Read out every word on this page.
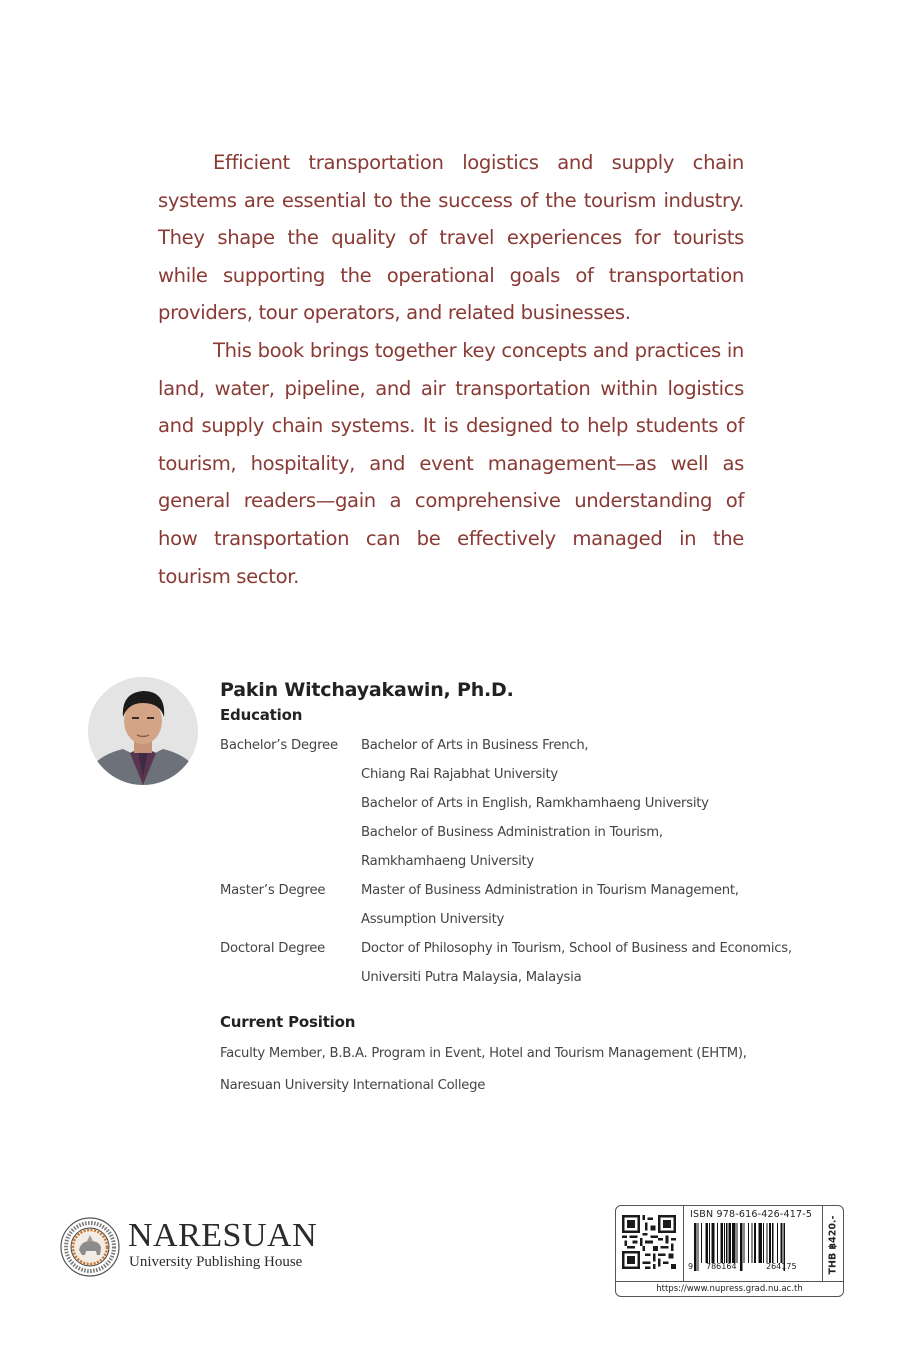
Efficient transportation logistics and supply chain systems are essential to the success of the tourism industry. They shape the quality of travel experiences for tourists while supporting the operational goals of transportation providers, tour operators, and related businesses.

This book brings together key concepts and practices in land, water, pipeline, and air transportation within logistics and supply chain systems. It is designed to help students of tourism, hospitality, and event management—as well as general readers—gain a comprehensive understanding of how transportation can be effectively managed in the tourism sector.

Pakin Witchayakawin, Ph.D.
Education
Bachelor’s Degree	Bachelor of Arts in Business French,
Chiang Rai Rajabhat University
Bachelor of Arts in English, Ramkhamhaeng University
Bachelor of Business Administration in Tourism,
Ramkhamhaeng University
Master’s Degree	Master of Business Administration in Tourism Management,
Assumption University
Doctoral Degree	Doctor of Philosophy in Tourism, School of Business and Economics,
Universiti Putra Malaysia, Malaysia
Current Position
Faculty Member, B.B.A. Program in Event, Hotel and Tourism Management (EHTM),
Naresuan University International College
NARESUAN
University Publishing House
ISBN 978-616-426-417-5
9 786164	264175	THB ฿420.-
https://www.nupress.grad.nu.ac.th
